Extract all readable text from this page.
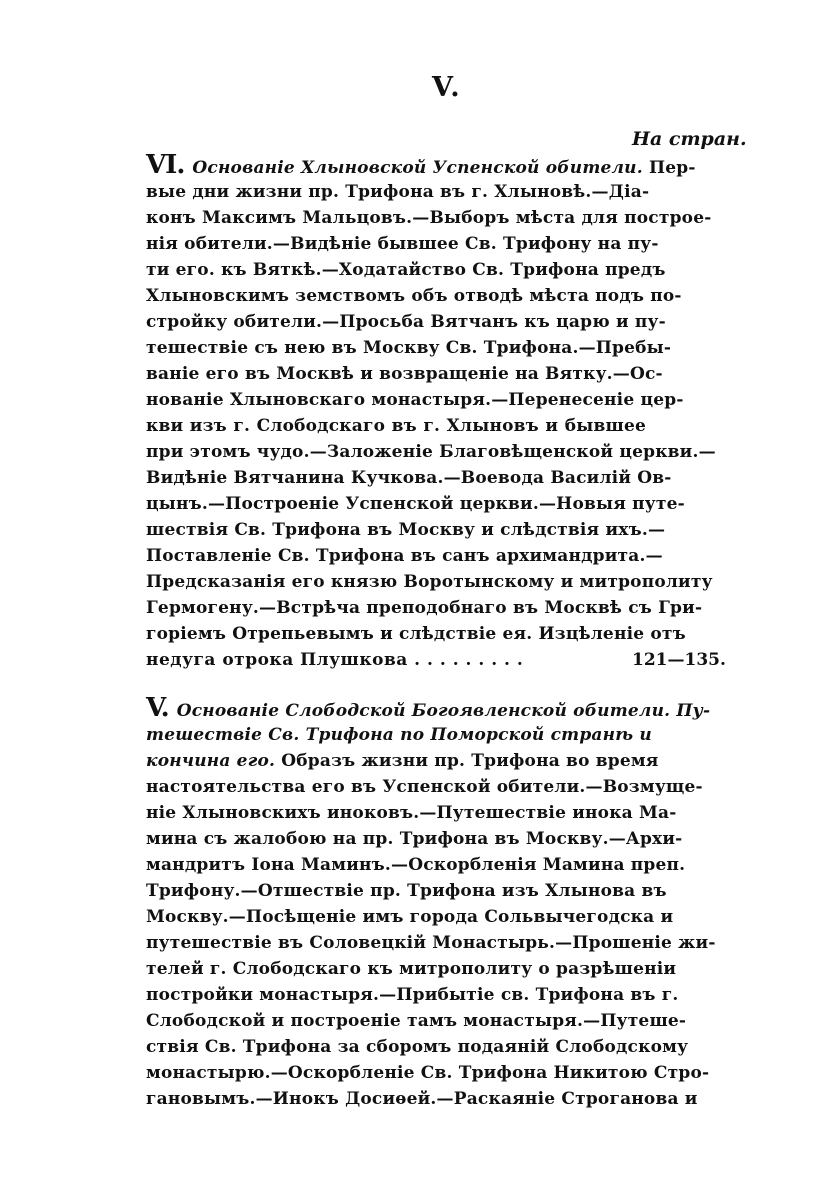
V.
На стран.
VI. Основаніе Хлыновской Успенской обители. Пер-
вые дни жизни пр. Трифона въ г. Хлыновѣ.—Діа-
конъ Максимъ Мальцовъ.—Выборъ мѣста для построе-
нія обители.—Видѣніе бывшее Св. Трифону на пу-
ти его. къ Вяткѣ.—Ходатайство Св. Трифона предъ
Хлыновскимъ земствомъ объ отводѣ мѣста подъ по-
стройку обители.—Просьба Вятчанъ къ царю и пу-
тешествіе съ нею въ Москву Св. Трифона.—Пребы-
ваніе его въ Москвѣ и возвращеніе на Вятку.—Ос-
нованіе Хлыновскаго монастыря.—Перенесеніе цер-
кви изъ г. Слободскаго въ г. Хлыновъ и бывшее
при этомъ чудо.—Заложеніе Благовѣщенской церкви.—
Видѣніе Вятчанина Кучкова.—Воевода Василій Ов-
цынъ.—Построеніе Успенской церкви.—Новыя путе-
шествія Св. Трифона въ Москву и слѣдствія ихъ.—
Поставленіе Св. Трифона въ санъ архимандрита.—
Предсказанія его князю Воротынскому и митрополиту
Гермогену.—Встрѣча преподобнаго въ Москвѣ съ Гри-
горіемъ Отрепьевымъ и слѣдствіе ея. Изцѣленіе отъ
недуга отрока Плушкова . . . . . . . . .	121—135.
V. Основаніе Слободской Богоявленской обители. Пу-
тешествіе Св. Трифона по Поморской странѣ и
кончина его. Образъ жизни пр. Трифона во время
настоятельства его въ Успенской обители.—Возмуще-
ніе Хлыновскихъ иноковъ.—Путешествіе инока Ма-
мина съ жалобою на пр. Трифона въ Москву.—Архи-
мандритъ Іона Маминъ.—Оскорбленія Мамина преп.
Трифону.—Отшествіе пр. Трифона изъ Хлынова въ
Москву.—Посѣщеніе имъ города Сольвычегодска и
путешествіе въ Соловецкій Монастырь.—Прошеніе жи-
телей г. Слободскаго къ митрополиту о разрѣшеніи
постройки монастыря.—Прибытіе св. Трифона въ г.
Слободской и построеніе тамъ монастыря.—Путеше-
ствія Св. Трифона за сборомъ подаяній Слободскому
монастырю.—Оскорбленіе Св. Трифона Никитою Стро-
гановымъ.—Инокъ Досиѳей.—Раскаяніе Строганова и
